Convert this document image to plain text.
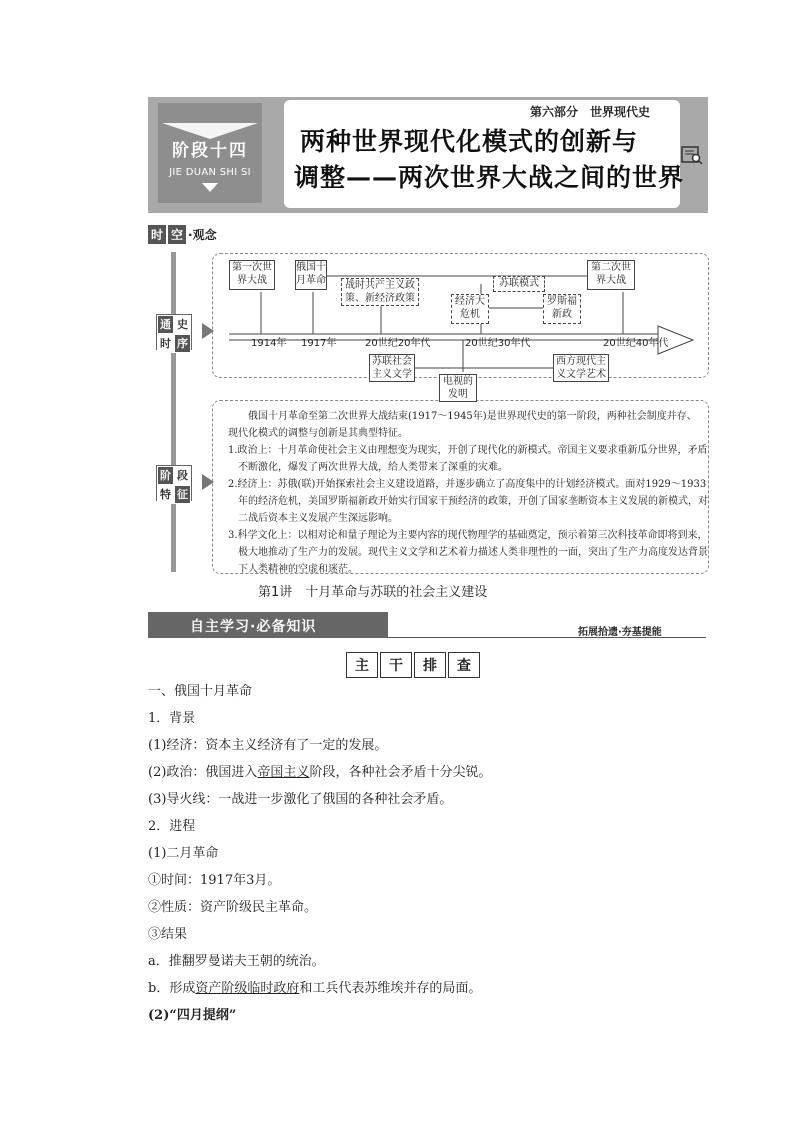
阶段十四
JIE DUAN SHI SI
第六部分　世界现代史
两种世界现代化模式的创新与
调整——两次世界大战之间的世界
时 空 ·观念
通 史
时 序
阶 段
特 征
第一次世界大战
俄国十月革命	战时共产主义政策、新经济政策
苏联模式
经济大危机
罗斯福新政
第二次世界大战
1914年 1917年	20世纪20年代	20世纪30年代	20世纪40年代
苏联社会主义文学
电视的发明
西方现代主义文学艺术
俄国十月革命至第二次世界大战结束(1917～1945年)是世界现代史的第一阶段，两种社会制度并存、现代化模式的调整与创新是其典型特征。
1.政治上：十月革命使社会主义由理想变为现实，开创了现代化的新模式。帝国主义要求重新瓜分世界，矛盾不断激化，爆发了两次世界大战，给人类带来了深重的灾难。
2.经济上：苏俄(联)开始探索社会主义建设道路，并逐步确立了高度集中的计划经济模式。面对1929～1933年的经济危机，美国罗斯福新政开始实行国家干预经济的政策，开创了国家垄断资本主义发展的新模式，对二战后资本主义发展产生深远影响。
3.科学文化上：以相对论和量子理论为主要内容的现代物理学的基础奠定，预示着第三次科技革命即将到来，极大地推动了生产力的发展。现代主义文学和艺术着力描述人类非理性的一面，突出了生产力高度发达背景下人类精神的空虚和迷茫。
第1讲　十月革命与苏联的社会主义建设
自主学习·必备知识	拓展拾遗·夯基提能
主	干	排	查
一、俄国十月革命
1．背景
(1)经济：资本主义经济有了一定的发展。
(2)政治：俄国进入帝国主义阶段，各种社会矛盾十分尖锐。
(3)导火线：一战进一步激化了俄国的各种社会矛盾。
2．进程
(1)二月革命
①时间：1917年3月。
②性质：资产阶级民主革命。
③结果
a．推翻罗曼诺夫王朝的统治。
b．形成资产阶级临时政府和工兵代表苏维埃并存的局面。
(2)“四月提纲”
